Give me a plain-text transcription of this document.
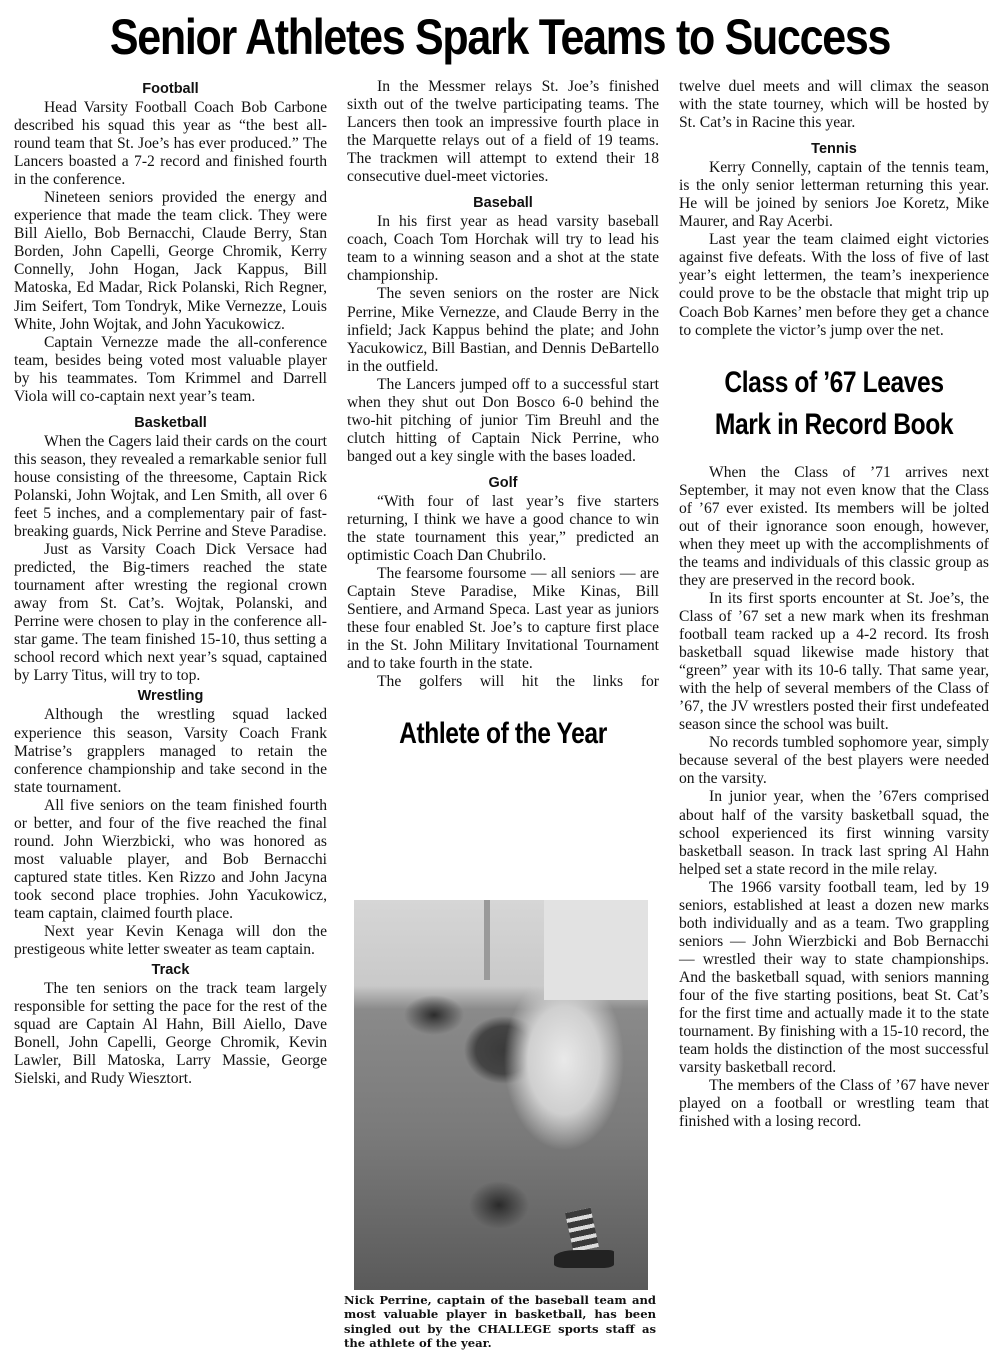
Senior Athletes Spark Teams to Success
Football

Head Varsity Football Coach Bob Carbone described his squad this year as “the best all-round team that St. Joe’s has ever produced.” The Lancers boasted a 7-2 record and finished fourth in the conference.

Nineteen seniors provided the energy and experience that made the team click. They were Bill Aiello, Bob Bernacchi, Claude Berry, Stan Borden, John Capelli, George Chromik, Kerry Connelly, John Hogan, Jack Kappus, Bill Matoska, Ed Madar, Rick Polanski, Rich Regner, Jim Seifert, Tom Tondryk, Mike Vernezze, Louis White, John Wojtak, and John Yacukowicz.

Captain Vernezze made the all-conference team, besides being voted most valuable player by his teammates. Tom Krimmel and Darrell Viola will co-captain next year’s team.

Basketball

When the Cagers laid their cards on the court this season, they revealed a remarkable senior full house consisting of the threesome, Captain Rick Polanski, John Wojtak, and Len Smith, all over 6 feet 5 inches, and a complementary pair of fast-breaking guards, Nick Perrine and Steve Paradise.

Just as Varsity Coach Dick Versace had predicted, the Big-timers reached the state tournament after wresting the regional crown away from St. Cat’s. Wojtak, Polanski, and Perrine were chosen to play in the conference all-star game. The team finished 15-10, thus setting a school record which next year’s squad, captained by Larry Titus, will try to top.

Wrestling

Although the wrestling squad lacked experience this season, Varsity Coach Frank Matrise’s grapplers managed to retain the conference championship and take second in the state tournament.

All five seniors on the team finished fourth or better, and four of the five reached the final round. John Wierzbicki, who was honored as most valuable player, and Bob Bernacchi captured state titles. Ken Rizzo and John Jacyna took second place trophies. John Yacukowicz, team captain, claimed fourth place.

Next year Kevin Kenaga will don the prestigeous white letter sweater as team captain.

Track

The ten seniors on the track team largely responsible for setting the pace for the rest of the squad are Captain Al Hahn, Bill Aiello, Dave Bonell, John Capelli, George Chromik, Kevin Lawler, Bill Matoska, Larry Massie, George Sielski, and Rudy Wiesztort.

In the Messmer relays St. Joe’s finished sixth out of the twelve participating teams. The Lancers then took an impressive fourth place in the Marquette relays out of a field of 19 teams. The trackmen will attempt to extend their 18 consecutive duel-meet victories.

Baseball

In his first year as head varsity baseball coach, Coach Tom Horchak will try to lead his team to a winning season and a shot at the state championship.

The seven seniors on the roster are Nick Perrine, Mike Vernezze, and Claude Berry in the infield; Jack Kappus behind the plate; and John Yacukowicz, Bill Bastian, and Dennis DeBartello in the outfield.

The Lancers jumped off to a successful start when they shut out Don Bosco 6-0 behind the two-hit pitching of junior Tim Breuhl and the clutch hitting of Captain Nick Perrine, who banged out a key single with the bases loaded.

Golf

“With four of last year’s five starters returning, I think we have a good chance to win the state tournament this year,” predicted an optimistic Coach Dan Chubrilo.

The fearsome foursome — all seniors — are Captain Steve Paradise, Mike Kinas, Bill Sentiere, and Armand Speca. Last year as juniors these four enabled St. Joe’s to capture first place in the St. John Military Invitational Tournament and to take fourth in the state.

The golfers will hit the links for

Athlete of the Year
Nick Perrine, captain of the baseball team and most valuable player in basketball, has been singled out by the CHALLEGE sports staff as the athlete of the year.

twelve duel meets and will climax the season with the state tourney, which will be hosted by St. Cat’s in Racine this year.

Tennis

Kerry Connelly, captain of the tennis team, is the only senior letterman returning this year. He will be joined by seniors Joe Koretz, Mike Maurer, and Ray Acerbi.

Last year the team claimed eight victories against five defeats. With the loss of five of last year’s eight lettermen, the team’s inexperience could prove to be the obstacle that might trip up Coach Bob Karnes’ men before they get a chance to complete the victor’s jump over the net.

Class of ’67 Leaves
Mark in Record Book

When the Class of ’71 arrives next September, it may not even know that the Class of ’67 ever existed. Its members will be jolted out of their ignorance soon enough, however, when they meet up with the accomplishments of the teams and individuals of this classic group as they are preserved in the record book.

In its first sports encounter at St. Joe’s, the Class of ’67 set a new mark when its freshman football team racked up a 4-2 record. Its frosh basketball squad likewise made history that “green” year with its 10-6 tally. That same year, with the help of several members of the Class of ’67, the JV wrestlers posted their first undefeated season since the school was built.

No records tumbled sophomore year, simply because several of the best players were needed on the varsity.

In junior year, when the ’67ers comprised about half of the varsity basketball squad, the school experienced its first winning varsity basketball season. In track last spring Al Hahn helped set a state record in the mile relay.

The 1966 varsity football team, led by 19 seniors, established at least a dozen new marks both individually and as a team. Two grappling seniors — John Wierzbicki and Bob Bernacchi — wrestled their way to state championships. And the basketball squad, with seniors manning four of the five starting positions, beat St. Cat’s for the first time and actually made it to the state tournament. By finishing with a 15-10 record, the team holds the distinction of the most successful varsity basketball record.

The members of the Class of ’67 have never played on a football or wrestling team that finished with a losing record.
